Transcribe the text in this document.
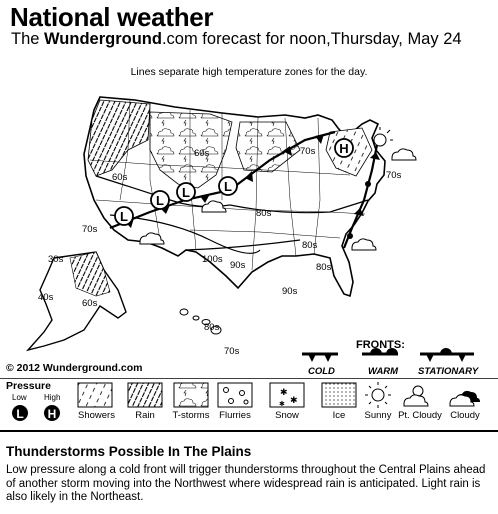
National weather
The Wunderground.com forecast for noon,Thursday, May 24
Lines separate high temperature zones for the day.
L
L
L	L
H
60s
60s
70s
80s
70s
80s
90s
100s
90s
80s
70s
30s
40s
60s
80s
70s
© 2012 Wunderground.com
FRONTS:
COLD	WARM STATIONARY
Pressure
Low High
L H
✱
✱
✱
Showers	Rain	T-storms	Flurries	Snow	Ice	Sunny Pt. Cloudy Cloudy
Thunderstorms Possible In The Plains

Low pressure along a cold front will trigger thunderstorms throughout the Central Plains ahead of another storm moving into the Northwest where widespread rain is anticipated. Light rain is also likely in the Northeast.
